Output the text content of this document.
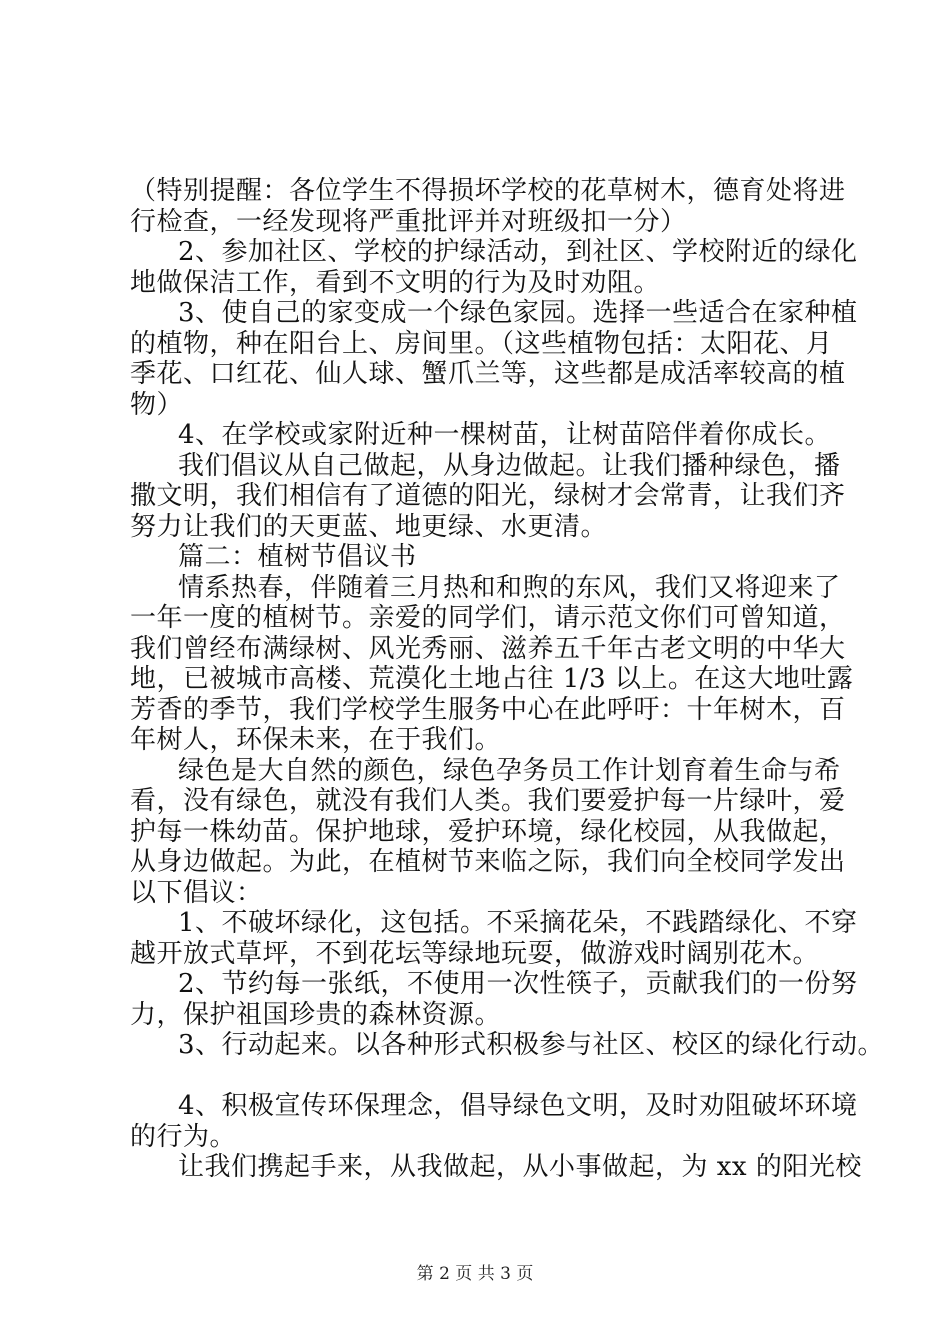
（特别提醒：各位学生不得损坏学校的花草树木，德育处将进
行检查，一经发现将严重批评并对班级扣一分）
2、参加社区、学校的护绿活动，到社区、学校附近的绿化
地做保洁工作，看到不文明的行为及时劝阻。
3、使自己的家变成一个绿色家园。选择一些适合在家种植
的植物，种在阳台上、房间里。（这些植物包括：太阳花、月
季花、口红花、仙人球、蟹爪兰等，这些都是成活率较高的植
物）
4、在学校或家附近种一棵树苗，让树苗陪伴着你成长。
我们倡议从自己做起，从身边做起。让我们播种绿色，播
撒文明，我们相信有了道德的阳光，绿树才会常青，让我们齐
努力让我们的天更蓝、地更绿、水更清。
篇二：植树节倡议书
情系热春，伴随着三月热和和煦的东风，我们又将迎来了
一年一度的植树节。亲爱的同学们，请示范文你们可曾知道，
我们曾经布满绿树、风光秀丽、滋养五千年古老文明的中华大
地，已被城市高楼、荒漠化土地占往 1/3 以上。在这大地吐露
芳香的季节，我们学校学生服务中心在此呼吁：十年树木，百
年树人，环保未来，在于我们。
绿色是大自然的颜色，绿色孕务员工作计划育着生命与希
看，没有绿色，就没有我们人类。我们要爱护每一片绿叶，爱
护每一株幼苗。保护地球，爱护环境，绿化校园，从我做起，
从身边做起。为此，在植树节来临之际，我们向全校同学发出
以下倡议：
1、不破坏绿化，这包括。不采摘花朵，不践踏绿化、不穿
越开放式草坪，不到花坛等绿地玩耍，做游戏时阔别花木。
2、节约每一张纸，不使用一次性筷子，贡献我们的一份努
力，保护祖国珍贵的森林资源。
3、行动起来。以各种形式积极参与社区、校区的绿化行动。
4、积极宣传环保理念，倡导绿色文明，及时劝阻破坏环境
的行为。
让我们携起手来，从我做起，从小事做起，为 xx 的阳光校
第 2 页 共 3 页
